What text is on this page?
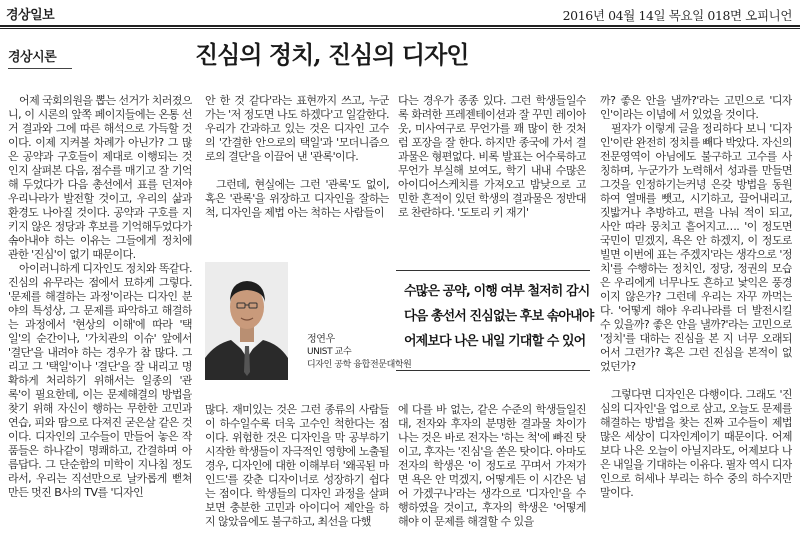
경상일보	2016년 04월 14일 목요일 018면 오피니언
경상시론	진심의 정치, 진심의 디자인

어제 국회의원을 뽑는 선거가 치러졌으니, 이 시론의 앞쪽 페이지들에는 온통 선거 결과와 그에 따른 해석으로 가득할 것이다. 이제 지켜볼 차례가 아닌가? 그 많은 공약과 구호들이 제대로 이행되는 것인지 살펴본 다음, 점수를 매기고 잘 기억해 두었다가 다음 총선에서 표를 던져야 우리나라가 발전할 것이고, 우리의 삶과 환경도 나아질 것이다. 공약과 구호를 지키지 않은 정당과 후보를 기억해두었다가 솎아내야 하는 이유는 그들에게 정치에 관한 '진심'이 없기 때문이다.

아이러니하게 디자인도 정치와 똑같다. 진심의 유무라는 점에서 묘하게 그렇다. '문제를 해결하는 과정'이라는 디자인 분야의 특성상, 그 문제를 파악하고 해결하는 과정에서 '현상의 이해'에 따라 '택일'의 순간이나, '가치관의 이슈' 앞에서 '결단'을 내려야 하는 경우가 참 많다. 그리고 그 '택일'이나 '결단'을 잘 내리고 명확하게 처리하기 위해서는 일종의 '관록'이 필요한데, 이는 문제해결의 방법을 찾기 위해 자신이 행하는 무한한 고민과 연습, 피와 땀으로 다져진 굳은살 같은 것이다. 디자인의 고수들이 만들어 놓은 작품들은 하나같이 명쾌하고, 간결하며 아름답다. 그 단순함의 미학이 지나침 정도라서, 우리는 직선만으로 날카롭게 뻗쳐 만든 멋진 B사의 TV를 '디자인

안 한 것 같다'라는 표현까지 쓰고, 누군가는 '저 정도면 나도 하겠다'고 일갈한다. 우리가 간과하고 있는 것은 디자인 고수의 '간결한 안으로의 택일'과 '모더니즘으로의 결단'을 이끌어 낸 '관록'이다.

그런데, 현실에는 그런 '관록'도 없이, 혹은 '관록'을 위장하고 디자인을 잘하는 척, 디자인을 제법 아는 척하는 사람들이

다는 경우가 종종 있다. 그런 학생들일수록 화려한 프레젠테이션과 잘 꾸민 레이아웃, 미사여구로 무언가를 꽤 많이 한 것처럼 포장을 잘 한다. 하지만 종국에 가서 결과물은 형편없다. 비록 발표는 어수룩하고 무언가 부실해 보여도, 학기 내내 수많은 아이디어스케치를 가져오고 밤낮으로 고민한 흔적이 있던 학생의 결과물은 정반대로 찬란하다. '도토리 키 재기'

정연우
UNIST 교수
디자인 공학 융합전문대학원

수많은 공약, 이행 여부 철저히 감시

다음 총선서 진심없는 후보 솎아내야

어제보다 나은 내일 기대할 수 있어

많다. 재미있는 것은 그런 종류의 사람들이 하수일수록 더욱 고수인 척한다는 점이다. 위험한 것은 디자인을 막 공부하기 시작한 학생들이 자극적인 영향에 노출될 경우, 디자인에 대한 이해부터 '왜곡된 마인드'를 갖춘 디자이너로 성장하기 쉽다는 점이다. 학생들의 디자인 과정을 살펴보면 충분한 고민과 아이디어 제안을 하지 않았음에도 불구하고, 최선을 다했

에 다를 바 없는, 같은 수준의 학생들일진대, 전자와 후자의 분명한 결과물 차이가 나는 것은 바로 전자는 '하는 척'에 빠진 탓이고, 후자는 '진심'을 쏟은 탓이다. 아마도 전자의 학생은 '이 정도로 꾸며서 가져가면 욕은 안 먹겠지, 어떻게든 이 시간은 넘어 가겠구나'라는 생각으로 '디자인'을 수행하였을 것이고, 후자의 학생은 '어떻게 해야 이 문제를 해결할 수 있을

까? 좋은 안을 낼까?'라는 고민으로 '디자인'이라는 이념에 서 있었을 것이다.

필자가 이렇게 글을 정리하다 보니 '디자인'이란 완전히 정치를 빼다 박았다. 자신의 전문영역이 아님에도 불구하고 고수를 사칭하며, 누군가가 노력해서 성과를 만들면 그것을 인정하기는커녕 은갖 방법을 동원하여 열매를 뺏고, 시기하고, 끌어내리고, 짓밟거나 추방하고, 편을 나눠 적이 되고, 사안 따라 뭉치고 흩어지고…. '이 정도면 국민이 믿겠지, 욕은 안 하겠지, 이 정도로 빌면 이번에 표는 주겠지'라는 생각으로 '정치'를 수행하는 정치인, 정당, 정권의 모습은 우리에게 너무나도 흔하고 낯익은 풍경이지 않은가? 그런데 우리는 자꾸 까먹는다. '어떻게 해야 우리나라를 더 발전시킬 수 있을까? 좋은 안을 낼까?'라는 고민으로 '정치'를 대하는 진심을 본 지 너무 오래되어서 그런가? 혹은 그런 진심을 본적이 없었던가?

그렇다면 디자인은 다행이다. 그래도 '진심의 디자인'을 업으로 삼고, 오늘도 문제를 해결하는 방법을 찾는 진짜 고수들이 제법 많은 세상이 디자인계이기 때문이다. 어제보다 나은 오늘이 아닐지라도, 어제보다 나은 내일을 기대하는 이유다. 필자 역시 디자인으로 허세나 부리는 하수 중의 하수지만 말이다.
